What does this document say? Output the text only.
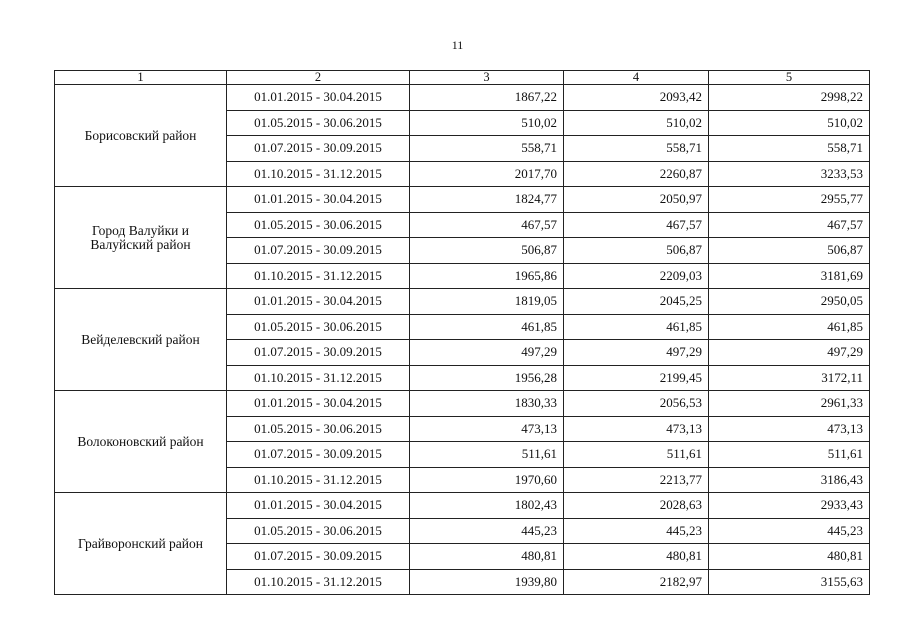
11
1	2	3	4	5
Борисовский район	01.01.2015 - 30.04.2015	1867,22	2093,42	2998,22
	01.05.2015 - 30.06.2015	510,02	510,02	510,02
	01.07.2015 - 30.09.2015	558,71	558,71	558,71
	01.10.2015 - 31.12.2015	2017,70	2260,87	3233,53
Город Валуйки и Валуйский район	01.01.2015 - 30.04.2015	1824,77	2050,97	2955,77
	01.05.2015 - 30.06.2015	467,57	467,57	467,57
	01.07.2015 - 30.09.2015	506,87	506,87	506,87
	01.10.2015 - 31.12.2015	1965,86	2209,03	3181,69
Вейделевский район	01.01.2015 - 30.04.2015	1819,05	2045,25	2950,05
	01.05.2015 - 30.06.2015	461,85	461,85	461,85
	01.07.2015 - 30.09.2015	497,29	497,29	497,29
	01.10.2015 - 31.12.2015	1956,28	2199,45	3172,11
Волоконовский район	01.01.2015 - 30.04.2015	1830,33	2056,53	2961,33
	01.05.2015 - 30.06.2015	473,13	473,13	473,13
	01.07.2015 - 30.09.2015	511,61	511,61	511,61
	01.10.2015 - 31.12.2015	1970,60	2213,77	3186,43
Грайворонский район	01.01.2015 - 30.04.2015	1802,43	2028,63	2933,43
	01.05.2015 - 30.06.2015	445,23	445,23	445,23
	01.07.2015 - 30.09.2015	480,81	480,81	480,81
	01.10.2015 - 31.12.2015	1939,80	2182,97	3155,63
